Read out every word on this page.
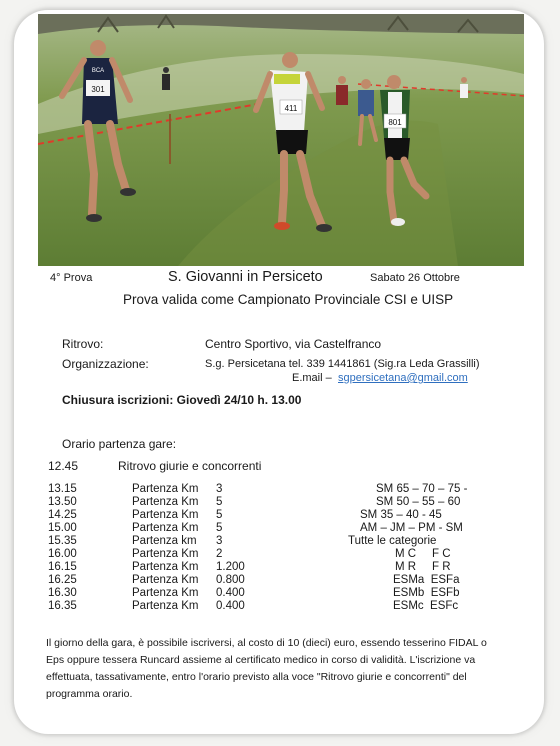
301
BCA
411
801
4° Prova	S. Giovanni in Persiceto	Sabato 26 Ottobre
Prova valida come Campionato Provinciale CSI e UISP
Ritrovo:	Centro Sportivo, via Castelfranco
Organizzazione:	S.g. Persicetana tel. 339 1441861 (Sig.ra Leda Grassilli)
E.mail – sgpersicetana@gmail.com
Chiusura iscrizioni: Giovedì 24/10 h. 13.00
Orario partenza gare:
12.45	Ritrovo giurie e concorrenti
13.15	Partenza Km 3	SM 65 – 70 – 75 -
13.50	Partenza Km 5	SM 50 – 55 – 60
14.25	Partenza Km 5	SM 35 – 40 - 45
15.00	Partenza Km 5	AM – JM – PM - SM
15.35	Partenza km 3	Tutte le categorie
16.00	Partenza Km 2	M C     F C
16.15	Partenza Km 1.200	M R     F R
16.25	Partenza Km 0.800	ESMa  ESFa
16.30	Partenza Km 0.400	ESMb  ESFb
16.35	Partenza Km 0.400	ESMc  ESFc
Il giorno della gara, è possibile iscriversi, al costo di 10 (dieci) euro, essendo tesserino FIDAL o
Eps oppure tessera Runcard assieme al certificato medico in corso di validità. L'iscrizione va
effettuata, tassativamente, entro l'orario previsto alla voce "Ritrovo giurie e concorrenti" del
programma orario.
